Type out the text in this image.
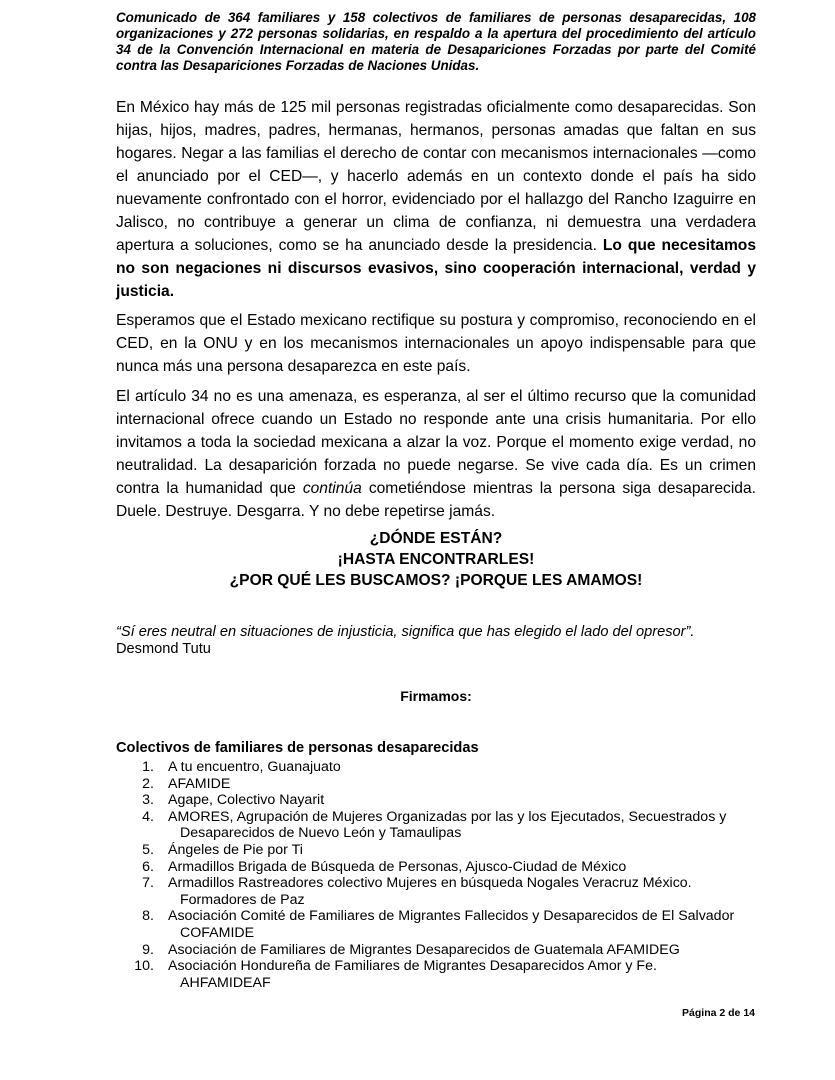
Comunicado de 364 familiares y 158 colectivos de familiares de personas desaparecidas, 108 organizaciones y 272 personas solidarias, en respaldo a la apertura del procedimiento del artículo 34 de la Convención Internacional en materia de Desapariciones Forzadas por parte del Comité contra las Desapariciones Forzadas de Naciones Unidas.

En México hay más de 125 mil personas registradas oficialmente como desaparecidas. Son hijas, hijos, madres, padres, hermanas, hermanos, personas amadas que faltan en sus hogares. Negar a las familias el derecho de contar con mecanismos internacionales —como el anunciado por el CED—, y hacerlo además en un contexto donde el país ha sido nuevamente confrontado con el horror, evidenciado por el hallazgo del Rancho Izaguirre en Jalisco, no contribuye a generar un clima de confianza, ni demuestra una verdadera apertura a soluciones, como se ha anunciado desde la presidencia. Lo que necesitamos no son negaciones ni discursos evasivos, sino cooperación internacional, verdad y justicia.

Esperamos que el Estado mexicano rectifique su postura y compromiso, reconociendo en el CED, en la ONU y en los mecanismos internacionales un apoyo indispensable para que nunca más una persona desaparezca en este país.

El artículo 34 no es una amenaza, es esperanza, al ser el último recurso que la comunidad internacional ofrece cuando un Estado no responde ante una crisis humanitaria. Por ello invitamos a toda la sociedad mexicana a alzar la voz. Porque el momento exige verdad, no neutralidad. La desaparición forzada no puede negarse. Se vive cada día. Es un crimen contra la humanidad que continúa cometiéndose mientras la persona siga desaparecida. Duele. Destruye. Desgarra. Y no debe repetirse jamás.

¿DÓNDE ESTÁN?
¡HASTA ENCONTRARLES!
¿POR QUÉ LES BUSCAMOS? ¡PORQUE LES AMAMOS!
“Sí eres neutral en situaciones de injusticia, significa que has elegido el lado del opresor”.
Desmond Tutu
Firmamos:
Colectivos de familiares de personas desaparecidas
1. A tu encuentro, Guanajuato
2. AFAMIDE
3. Agape, Colectivo Nayarit
4. AMORES, Agrupación de Mujeres Organizadas por las y los Ejecutados, Secuestrados y
Desaparecidos de Nuevo León y Tamaulipas
5. Ángeles de Pie por Ti
6. Armadillos Brigada de Búsqueda de Personas, Ajusco-Ciudad de México
7. Armadillos Rastreadores colectivo Mujeres en búsqueda Nogales Veracruz México.
Formadores de Paz
8. Asociación Comité de Familiares de Migrantes Fallecidos y Desaparecidos de El Salvador
COFAMIDE
9. Asociación de Familiares de Migrantes Desaparecidos de Guatemala AFAMIDEG
10. Asociación Hondureña de Familiares de Migrantes Desaparecidos Amor y Fe.
AHFAMIDEAF
Página 2 de 14
